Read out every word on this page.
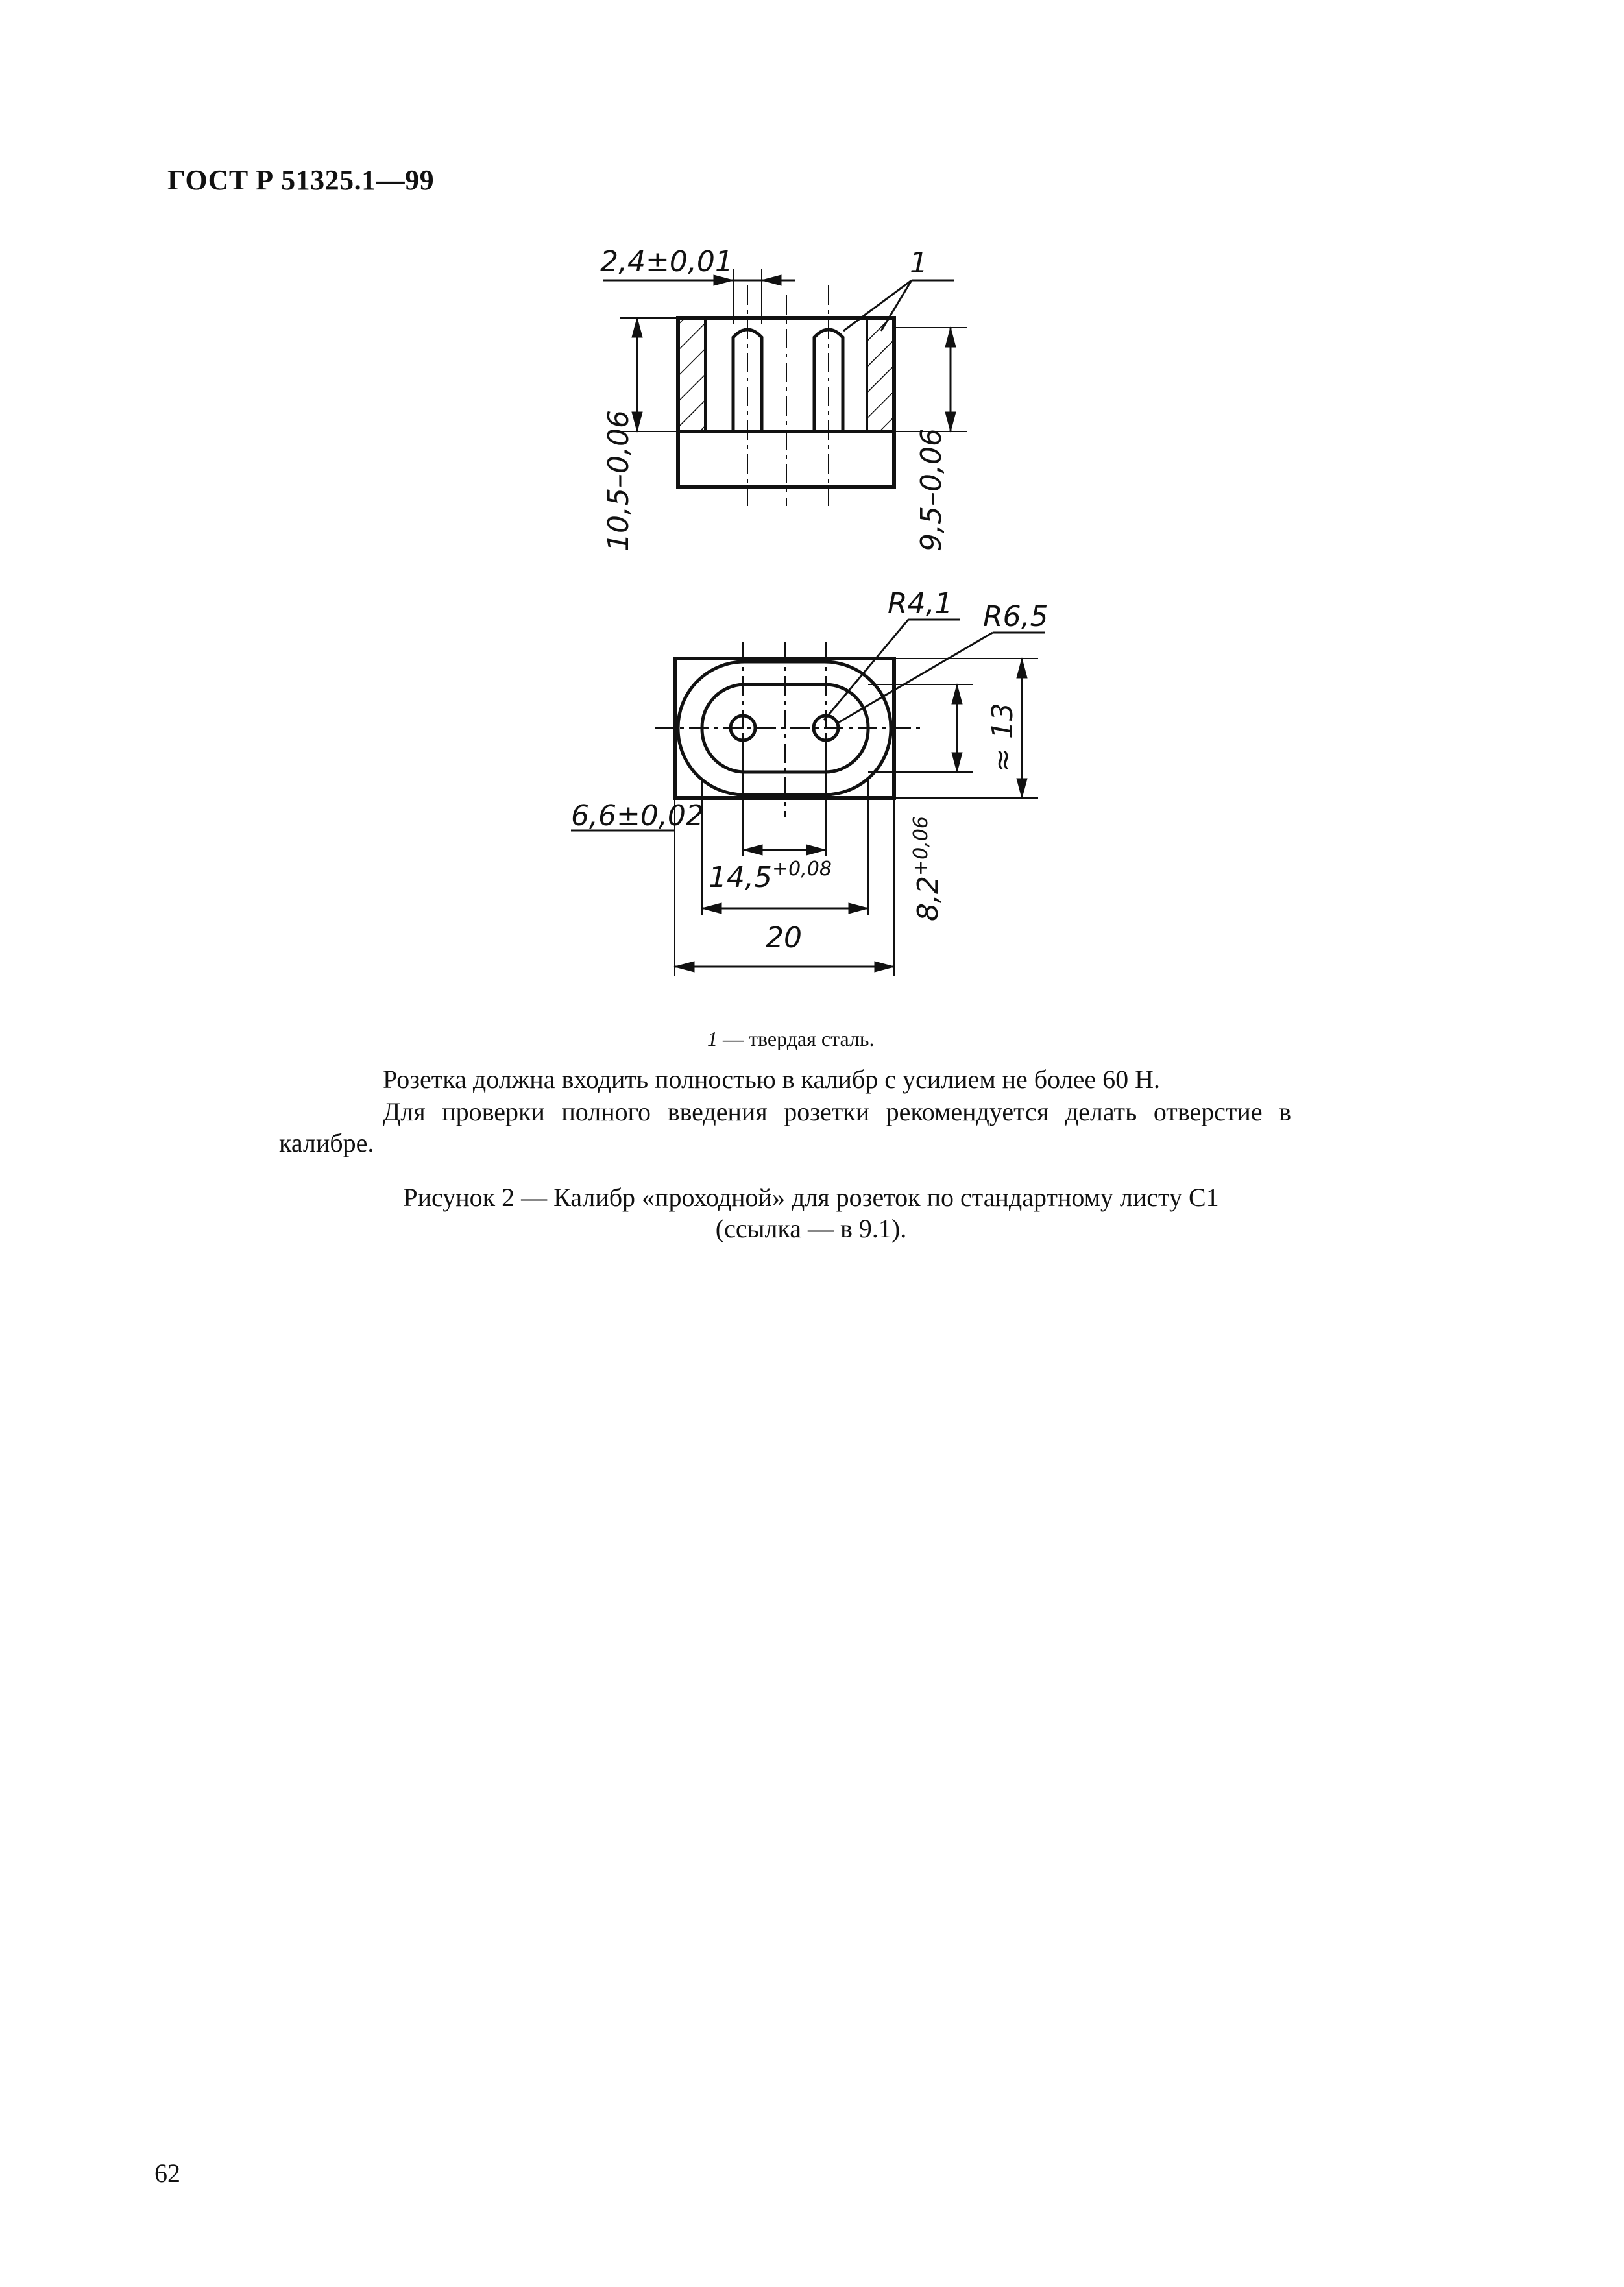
ГОСТ Р 51325.1—99
2,4±0,01	1
10,5–0,06	9,5–0,06
R4,1 R6,5
≈ 13
6,6±0,02
$14,5^{+0,08}$
$8,2^{+0,06}$
20
1 — твердая сталь.
Розетка должна входить полностью в калибр с усилием не более 60 Н.
Для проверки полного введения розетки рекомендуется делать отверстие в калибре.
Рисунок 2 — Калибр «проходной» для розеток по стандартному листу С1
(ссылка — в 9.1).
62
